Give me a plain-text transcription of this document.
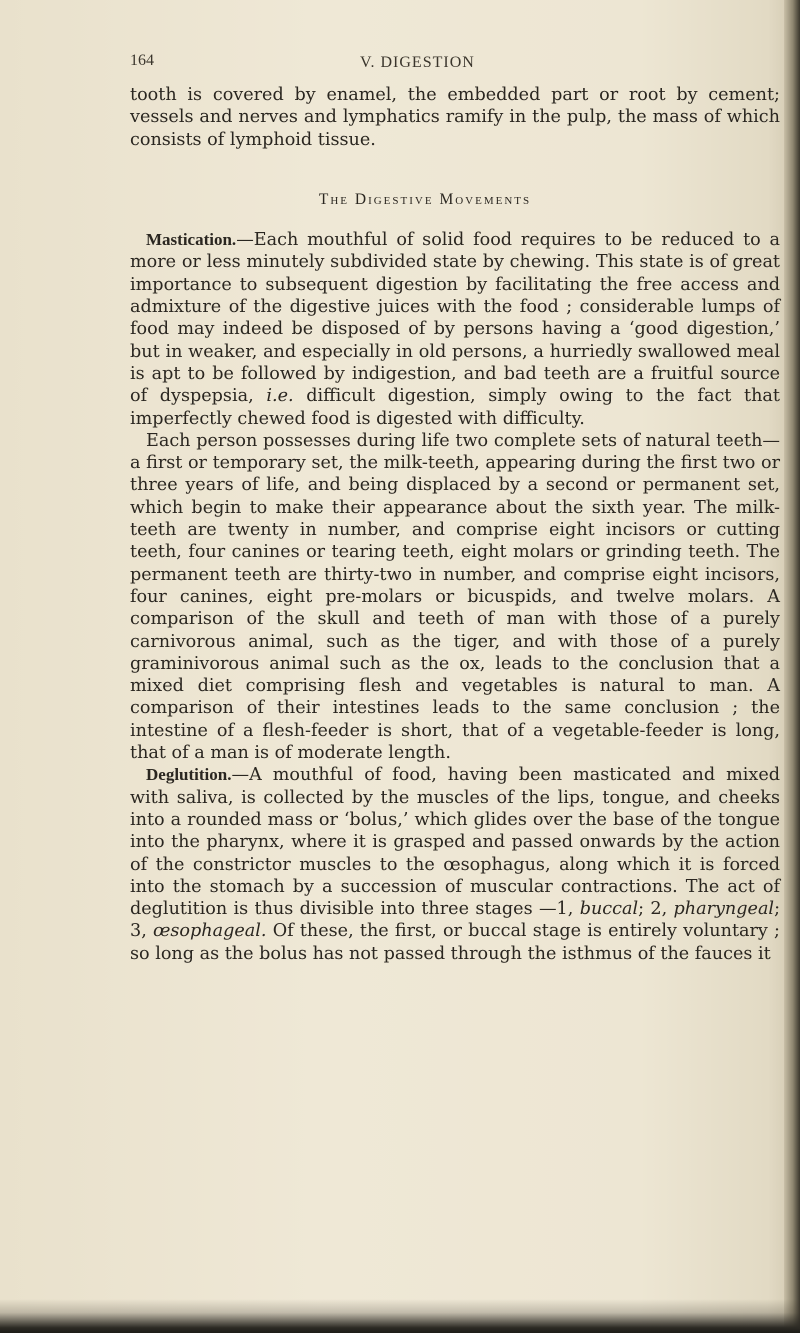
164	V. DIGESTION

tooth is covered by enamel, the embedded part or root by cement; vessels and nerves and lymphatics ramify in the pulp, the mass of which consists of lymphoid tissue.

The Digestive Movements

Mastication.—Each mouthful of solid food requires to be reduced to a more or less minutely subdivided state by chewing. This state is of great importance to subsequent digestion by facilitating the free access and admixture of the digestive juices with the food ; considerable lumps of food may indeed be disposed of by persons having a ‘good digestion,’ but in weaker, and especially in old persons, a hurriedly swallowed meal is apt to be followed by indigestion, and bad teeth are a fruitful source of dyspepsia, i.e. difficult digestion, simply owing to the fact that imperfectly chewed food is digested with difficulty.

Each person possesses during life two complete sets of natural teeth—a first or temporary set, the milk-teeth, appearing during the first two or three years of life, and being displaced by a second or permanent set, which begin to make their appearance about the sixth year. The milk-teeth are twenty in number, and comprise eight incisors or cutting teeth, four canines or tearing teeth, eight molars or grinding teeth. The permanent teeth are thirty-two in number, and comprise eight incisors, four canines, eight pre-molars or bicuspids, and twelve molars. A comparison of the skull and teeth of man with those of a purely carnivorous animal, such as the tiger, and with those of a purely graminivorous animal such as the ox, leads to the conclusion that a mixed diet comprising flesh and vegetables is natural to man. A comparison of their intestines leads to the same conclusion ; the intestine of a flesh-feeder is short, that of a vegetable-feeder is long, that of a man is of moderate length.

Deglutition.—A mouthful of food, having been masticated and mixed with saliva, is collected by the muscles of the lips, tongue, and cheeks into a rounded mass or ‘bolus,’ which glides over the base of the tongue into the pharynx, where it is grasped and passed onwards by the action of the constrictor muscles to the œsophagus, along which it is forced into the stomach by a succession of muscular contractions. The act of deglutition is thus divisible into three stages —1, buccal; 2, pharyngeal; 3, œsophageal. Of these, the first, or buccal stage is entirely voluntary ; so long as the bolus has not passed through the isthmus of the fauces it
